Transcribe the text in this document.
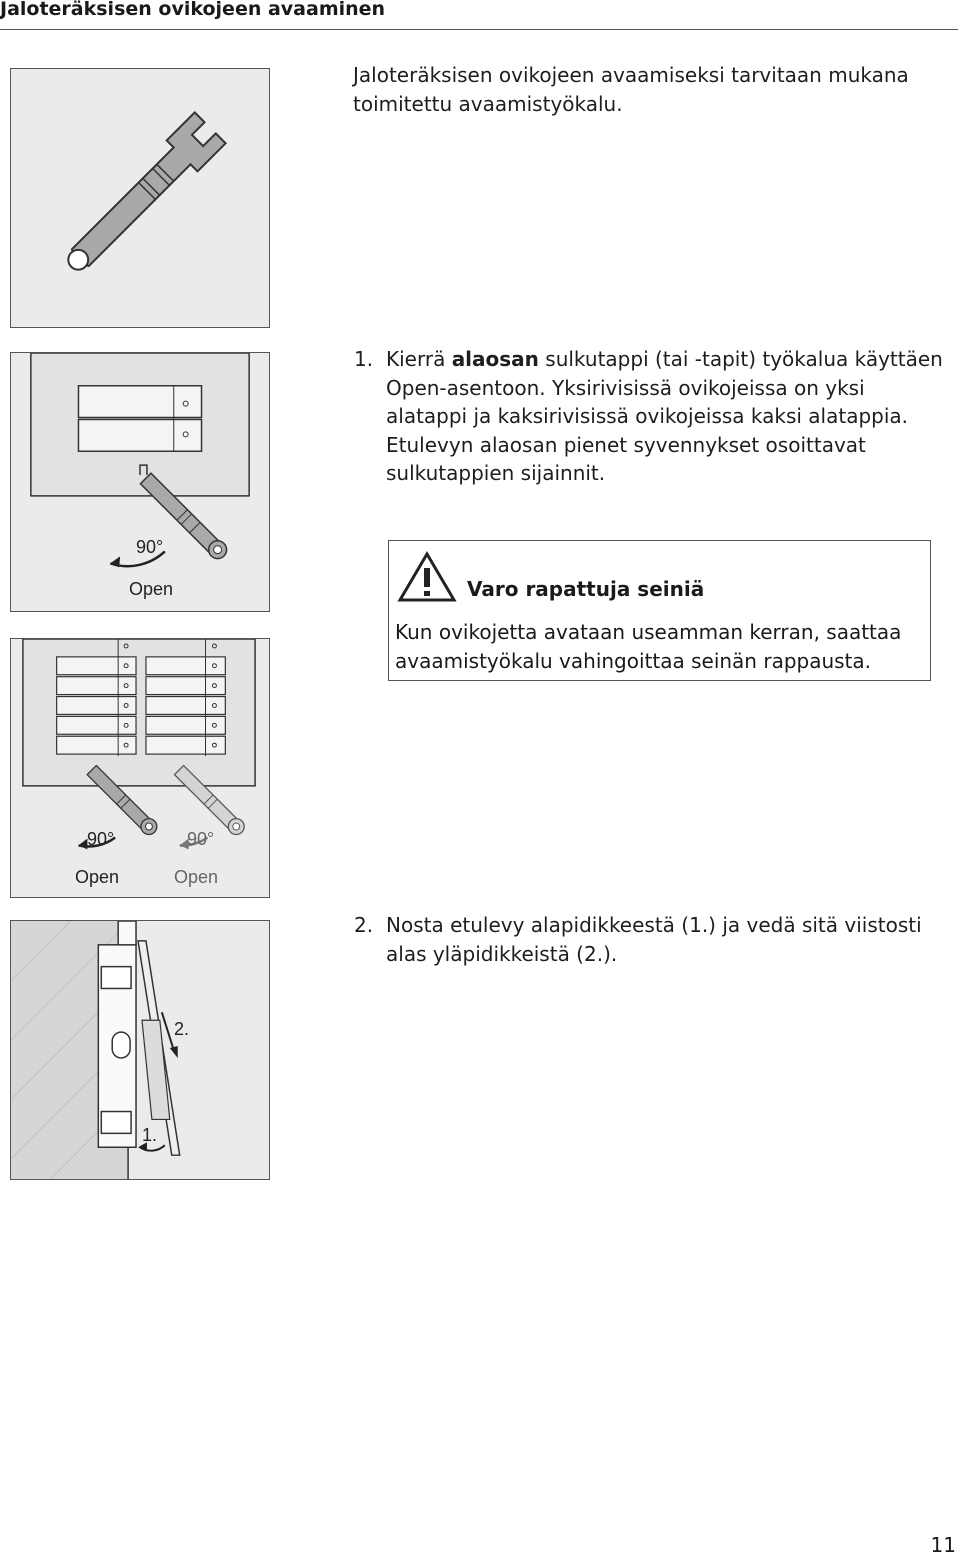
Jaloteräksisen ovikojeen avaaminen
90°
Open
90°
Open
90°
Open
2.
1.
Jaloteräksisen ovikojeen avaamiseksi tarvitaan mukana toimitettu avaamistyökalu.
1. Kierrä alaosan sulkutappi (tai -tapit) työkalua käyttäen Open-asentoon. Yksirivisissä ovikojeissa on yksi alatappi ja kaksirivisissä ovikojeissa kaksi alatappia. Etulevyn alaosan pienet syvennykset osoittavat sulkutappien sijainnit.
Varo rapattuja seiniä
Kun ovikojetta avataan useamman kerran, saattaa avaamistyökalu vahingoittaa seinän rappausta.
2. Nosta etulevy alapidikkeestä (1.) ja vedä sitä viistosti alas yläpidikkeistä (2.).
11
